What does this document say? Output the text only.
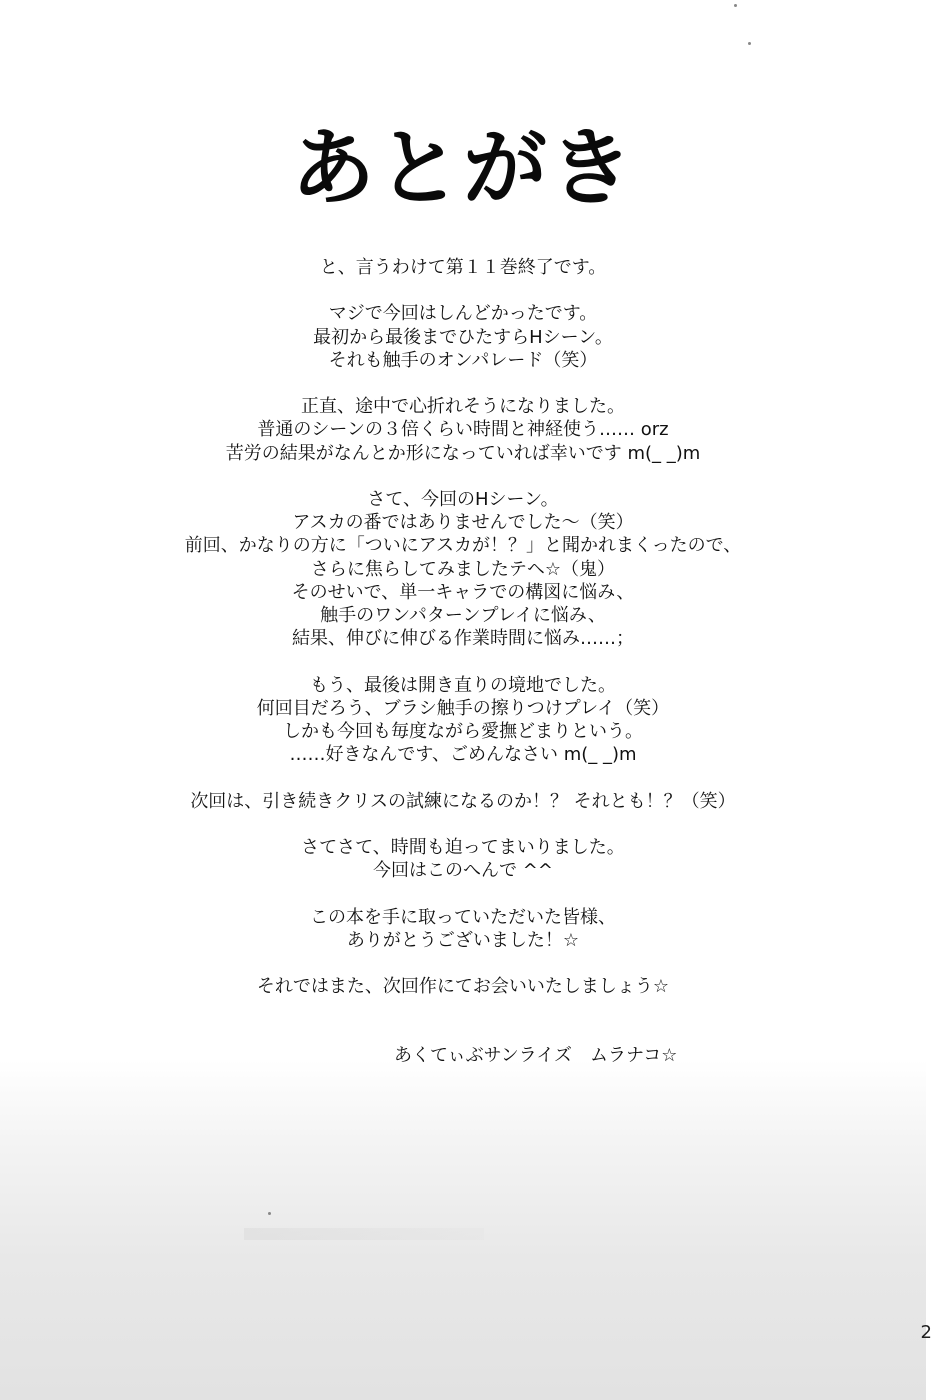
あとがき
と、言うわけて第１１巻終了です。
マジで今回はしんどかったです。
最初から最後までひたすらHシーン。
それも触手のオンパレード（笑）
正直、途中で心折れそうになりました。
普通のシーンの３倍くらい時間と神経使う…… orz
苦労の結果がなんとか形になっていれば幸いです m(_ _)m
さて、今回のHシーン。
アスカの番ではありませんでした～（笑）
前回、かなりの方に「ついにアスカが！？」と聞かれまくったので、
さらに焦らしてみましたテヘ☆（鬼）
そのせいで、単一キャラでの構図に悩み、
触手のワンパターンプレイに悩み、
結果、伸びに伸びる作業時間に悩み……；
もう、最後は開き直りの境地でした。
何回目だろう、ブラシ触手の擦りつけプレイ（笑）
しかも今回も毎度ながら愛撫どまりという。
……好きなんです、ごめんなさい m(_ _)m
次回は、引き続きクリスの試練になるのか！？ それとも！？（笑）
さてさて、時間も迫ってまいりました。
今回はこのへんで ^^
この本を手に取っていただいた皆様、
ありがとうございました！☆
それではまた、次回作にてお会いいたしましょう☆
あくてぃぶサンライズ　ムラナコ☆
2
